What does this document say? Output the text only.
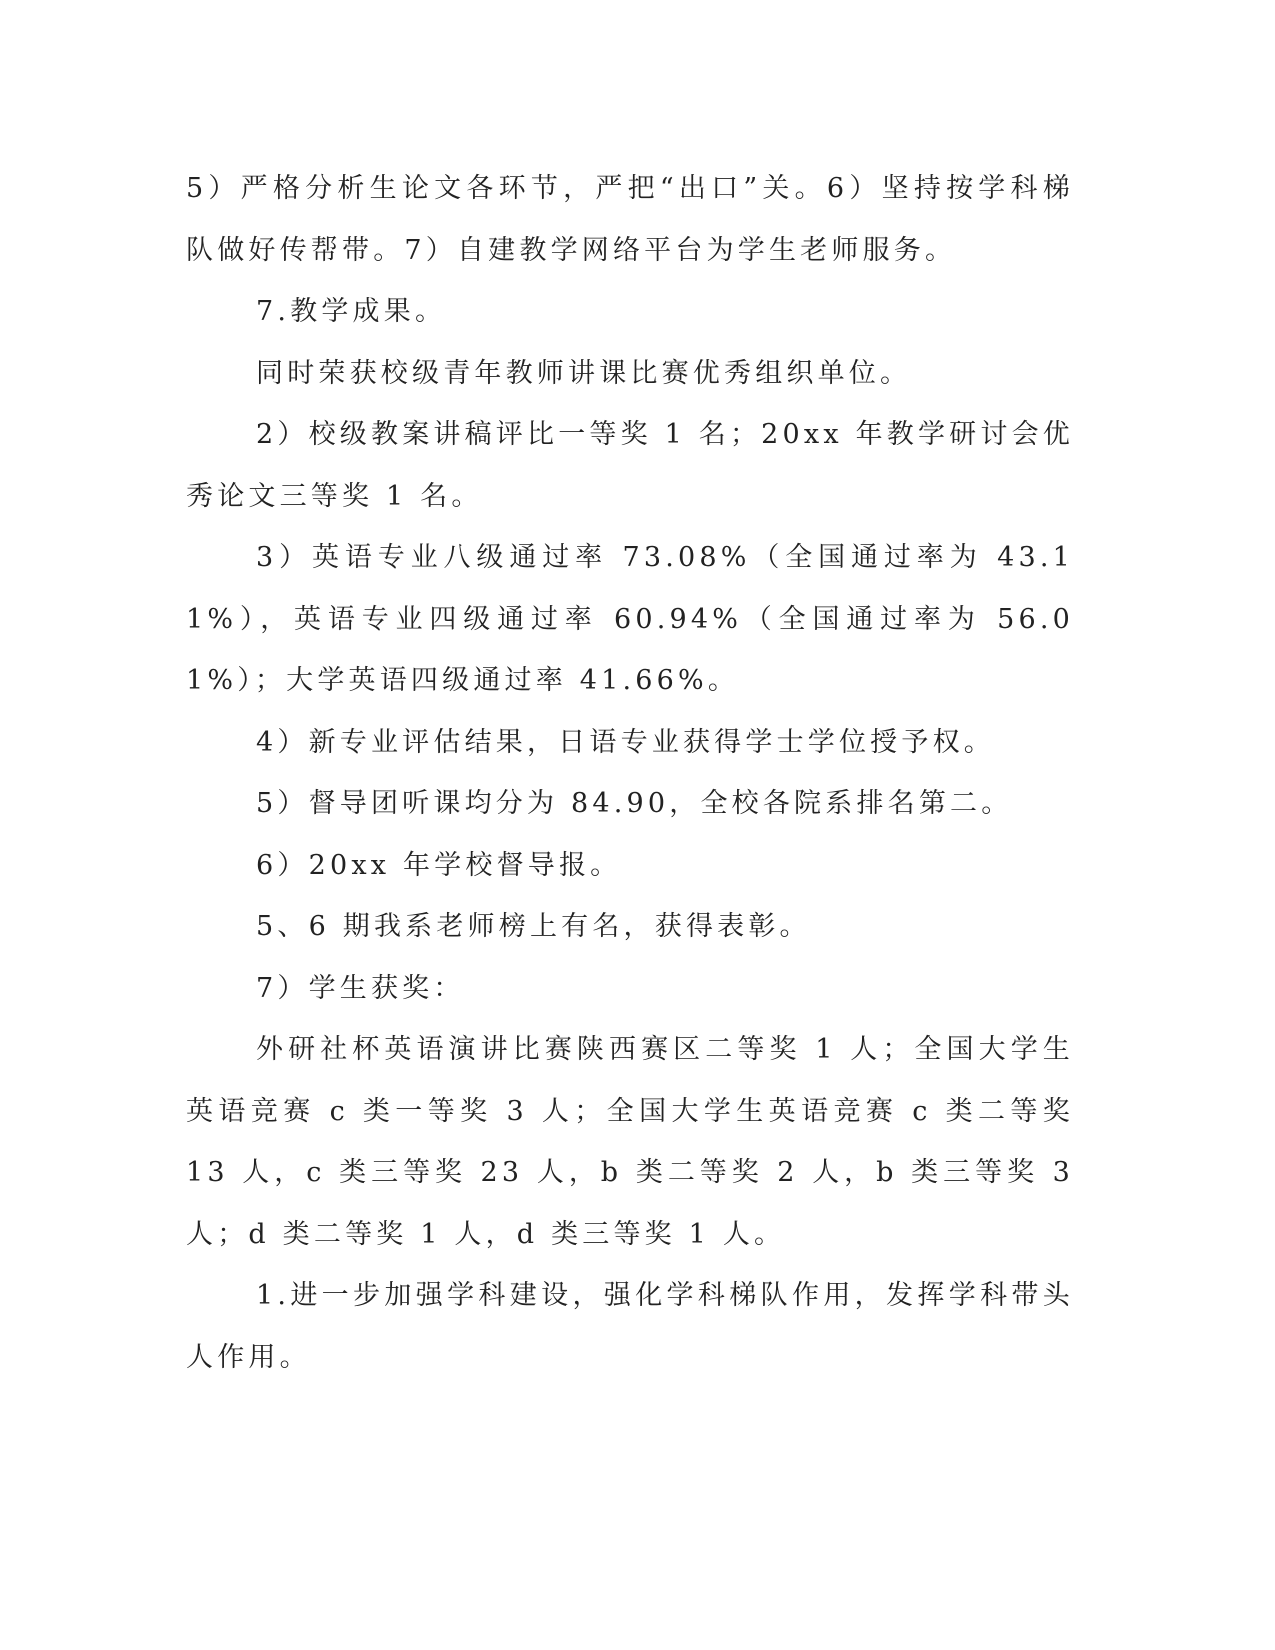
5）严格分析生论文各环节，严把“出口”关。6）坚持按学科梯队做好传帮带。7）自建教学网络平台为学生老师服务。

7.教学成果。

同时荣获校级青年教师讲课比赛优秀组织单位。

2）校级教案讲稿评比一等奖 1 名；20xx 年教学研讨会优秀论文三等奖 1 名。

3）英语专业八级通过率 73.08%（全国通过率为 43.11%），英语专业四级通过率 60.94%（全国通过率为 56.01%）；大学英语四级通过率 41.66%。

4）新专业评估结果，日语专业获得学士学位授予权。

5）督导团听课均分为 84.90，全校各院系排名第二。

6）20xx 年学校督导报。

5、6 期我系老师榜上有名，获得表彰。

7）学生获奖：

外研社杯英语演讲比赛陕西赛区二等奖 1 人；全国大学生英语竞赛 c 类一等奖 3 人；全国大学生英语竞赛 c 类二等奖 13 人，c 类三等奖 23 人，b 类二等奖 2 人，b 类三等奖 3 人；d 类二等奖 1 人，d 类三等奖 1 人。

1.进一步加强学科建设，强化学科梯队作用，发挥学科带头人作用。
